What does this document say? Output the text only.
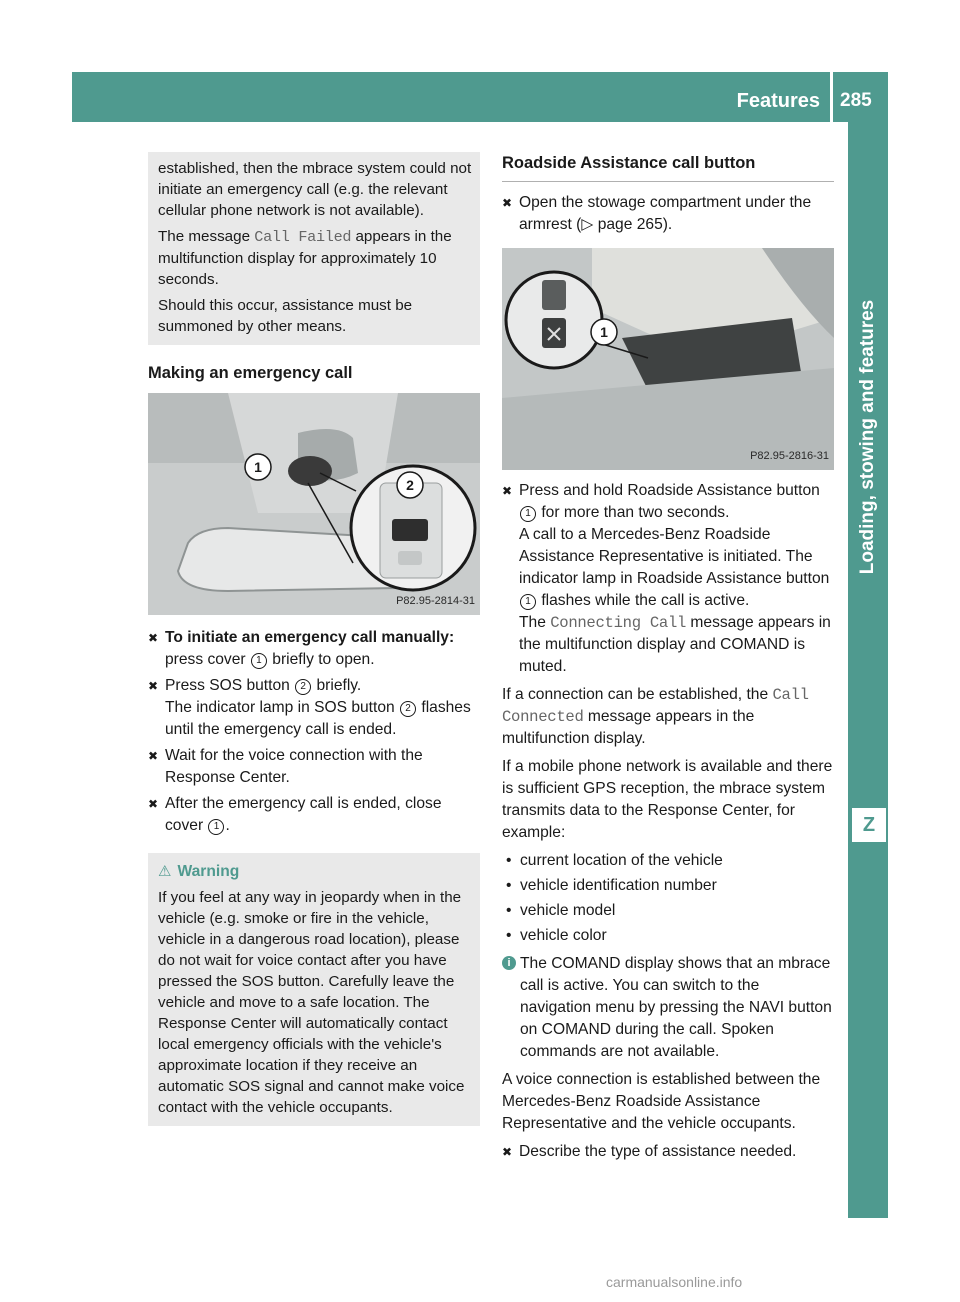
Features 285
Loading, stowing and features
Z

established, then the mbrace system could not initiate an emergency call (e.g. the relevant cellular phone network is not available).

The message Call Failed appears in the multifunction display for approximately 10 seconds.

Should this occur, assistance must be summoned by other means.

Making an emergency call
1
2
P82.95-2814-31
✖ To initiate an emergency call manually: press cover 1 briefly to open.
✖ Press SOS button 2 briefly.
The indicator lamp in SOS button 2 flashes until the emergency call is ended.
✖ Wait for the voice connection with the Response Center.
✖ After the emergency call is ended, close cover 1 .
⚠ Warning

If you feel at any way in jeopardy when in the vehicle (e.g. smoke or fire in the vehicle, vehicle in a dangerous road location), please do not wait for voice contact after you have pressed the SOS button. Carefully leave the vehicle and move to a safe location. The Response Center will automatically contact local emergency officials with the vehicle's approximate location if they receive an automatic SOS signal and cannot make voice contact with the vehicle occupants.

Roadside Assistance call button
✖ Open the stowage compartment under the armrest (▷ page 265).
1
P82.95-2816-31
✖ Press and hold Roadside Assistance button 1 for more than two seconds.
A call to a Mercedes-Benz Roadside Assistance Representative is initiated. The indicator lamp in Roadside Assistance button 1 flashes while the call is active.
The Connecting Call message appears in the multifunction display and COMAND is muted.

If a connection can be established, the Call Connected message appears in the multifunction display.

If a mobile phone network is available and there is sufficient GPS reception, the mbrace system transmits data to the Response Center, for example:

• current location of the vehicle
• vehicle identification number
• vehicle model
• vehicle color
i The COMAND display shows that an mbrace call is active. You can switch to the navigation menu by pressing the NAVI button on COMAND during the call. Spoken commands are not available.

A voice connection is established between the Mercedes-Benz Roadside Assistance Representative and the vehicle occupants.

✖ Describe the type of assistance needed.
carmanualsonline.info
